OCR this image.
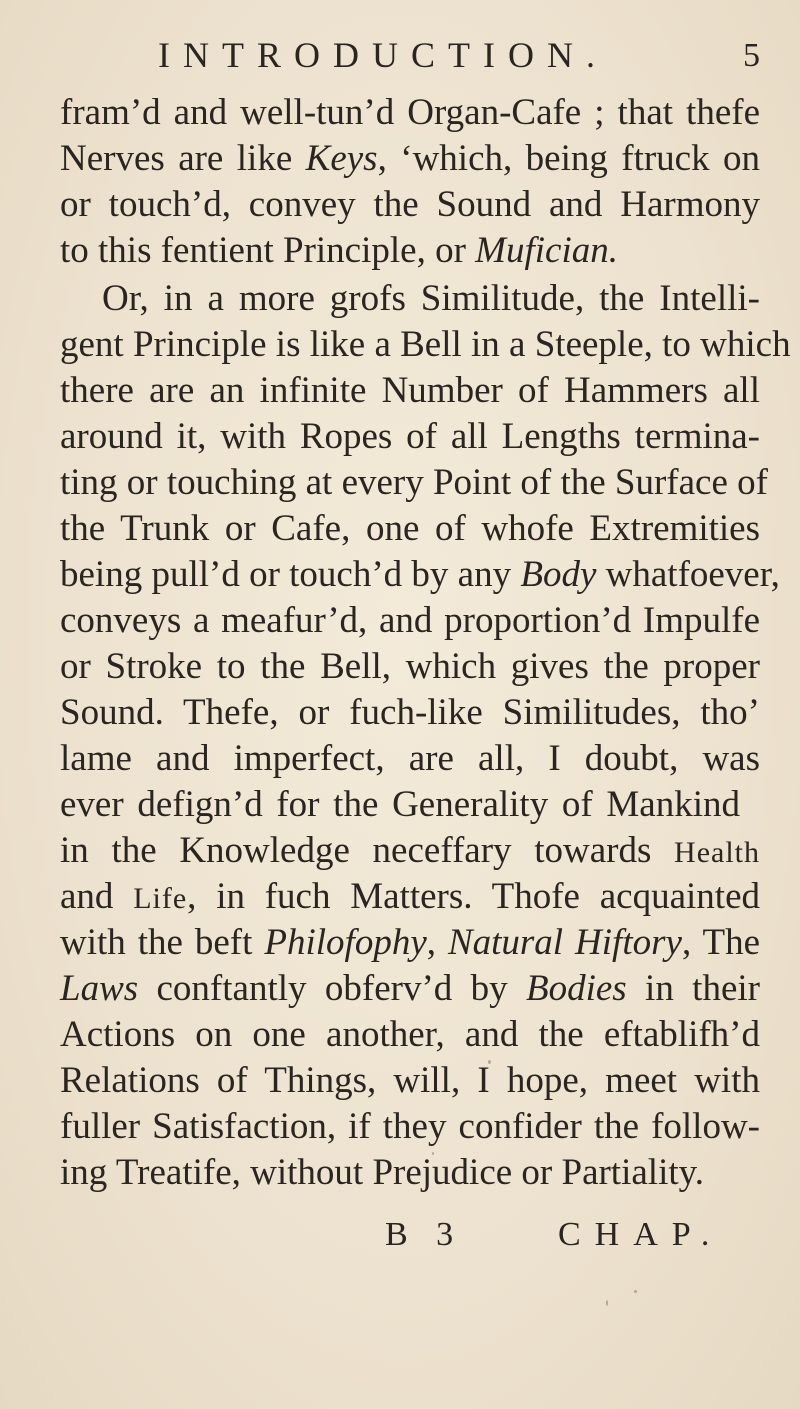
INTRODUCTION.	5
fram’d and well-tun’d Organ-Cafe ; that thefe
Nerves are like Keys, ‘which, being ftruck on
or touch’d, convey the Sound and Harmony
to this fentient Principle, or Mufician.
Or, in a more grofs Similitude, the Intelli-
gent Principle is like a Bell in a Steeple, to which
there are an infinite Number of Hammers all
around it, with Ropes of all Lengths termina-
ting or touching at every Point of the Surface of
the Trunk or Cafe, one of whofe Extremities
being pull’d or touch’d by any Body whatfoever,
conveys a meafur’d, and proportion’d Impulfe
or Stroke to the Bell, which gives the proper
Sound. Thefe, or fuch-like Similitudes, tho’
lame and imperfect, are all, I doubt, was
ever defign’d for the Generality of Mankind
in the Knowledge neceffary towards Health
and Life, in fuch Matters. Thofe acquainted
with the beft Philofophy, Natural Hiftory, The
Laws conftantly obferv’d by Bodies in their
Actions on one another, and the eftablifh’d
Relations of Things, will, I hope, meet with
fuller Satisfaction, if they confider the follow-
ing Treatife, without Prejudice or Partiality.
B 3	CHAP.
